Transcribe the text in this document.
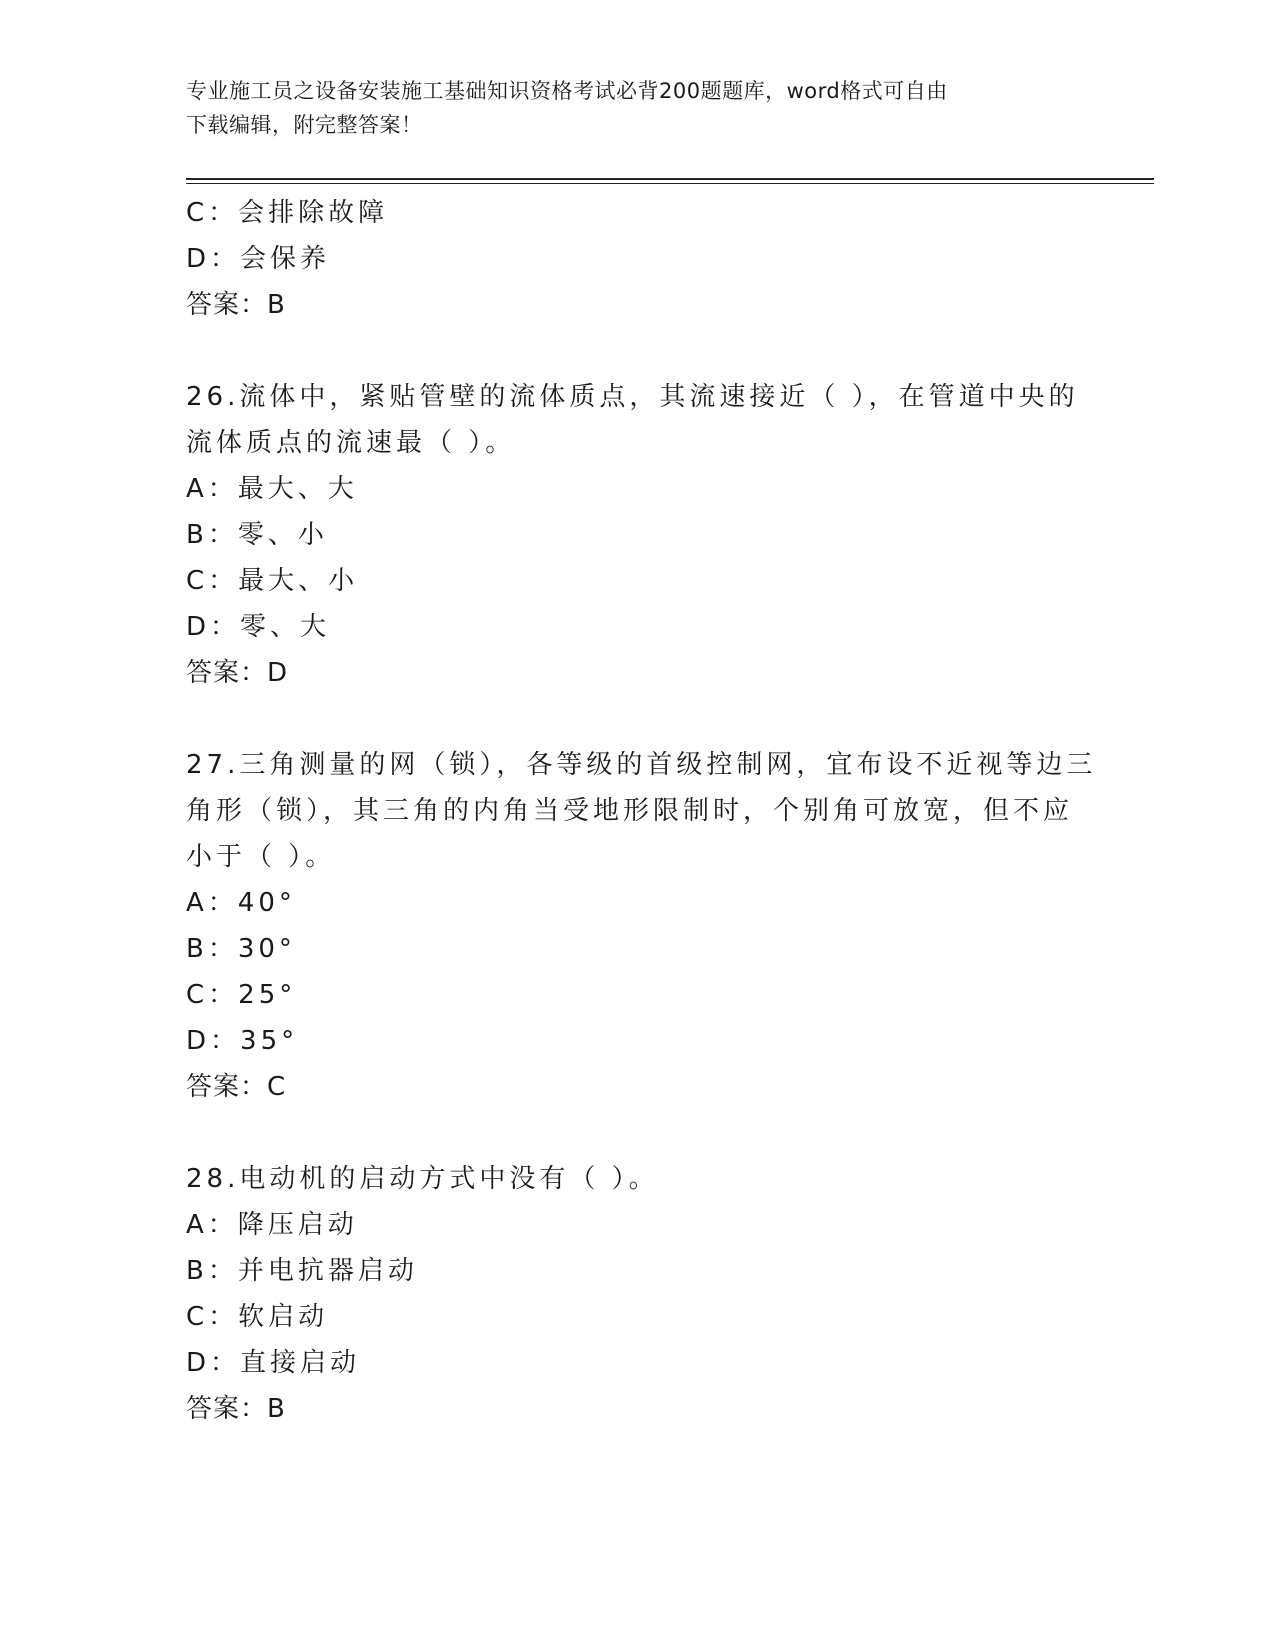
专业施工员之设备安装施工基础知识资格考试必背200题题库，word格式可自由
下载编辑，附完整答案！
C：会排除故障
D：会保养
答案：B
26.流体中，紧贴管壁的流体质点，其流速接近（ ），在管道中央的
流体质点的流速最（ ）。
A：最大、大
B：零、小
C：最大、小
D：零、大
答案：D
27.三角测量的网（锁），各等级的首级控制网，宜布设不近视等边三
角形（锁），其三角的内角当受地形限制时，个别角可放宽，但不应
小于（ ）。
A：40°
B：30°
C：25°
D：35°
答案：C
28.电动机的启动方式中没有（ ）。
A：降压启动
B：并电抗器启动
C：软启动
D：直接启动
答案：B
